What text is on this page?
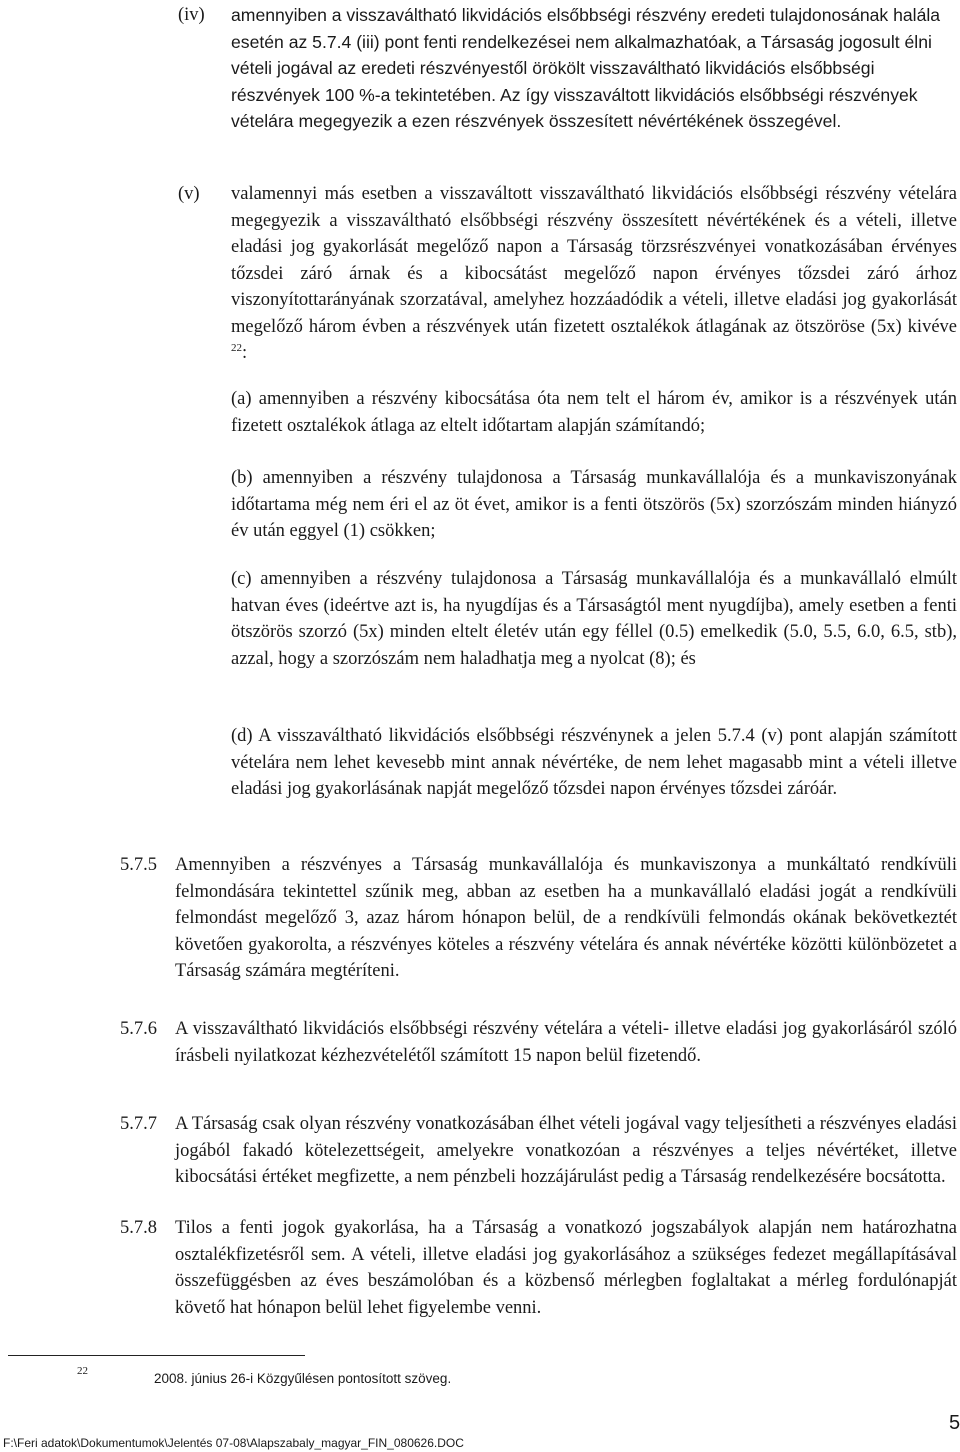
(iv) amennyiben a visszaváltható likvidációs elsőbbségi részvény eredeti tulajdonosának halála esetén az 5.7.4 (iii) pont fenti rendelkezései nem alkalmazhatóak, a Társaság jogosult élni vételi jogával az eredeti részvényestől örökölt visszaváltható likvidációs elsőbbségi részvények 100 %-a tekintetében.

Az így visszaváltott likvidációs elsőbbségi részvények vételára megegyezik a ezen részvények összesített névértékének összegével.

(v) valamennyi más esetben a visszaváltott visszaváltható likvidációs elsőbbségi részvény vételára megegyezik a visszaváltható elsőbbségi részvény összesített névértékének és a vételi, illetve eladási jog gyakorlását megelőző napon a Társaság törzsrészvényei vonatkozásában érvényes tőzsdei záró árnak és a kibocsátást megelőző napon érvényes tőzsdei záró árhoz viszonyítottarányának szorzatával, amelyhez hozzáadódik a vételi, illetve eladási jog gyakorlását megelőző három évben a részvények után fizetett osztalékok átlagának az ötszöröse (5x) kivéve $^{22}$:

(a) amennyiben a részvény kibocsátása óta nem telt el három év, amikor is a részvények után fizetett osztalékok átlaga az eltelt időtartam alapján számítandó;

(b) amennyiben a részvény tulajdonosa a Társaság munkavállalója és a munkaviszonyának időtartama még nem éri el az öt évet, amikor is a fenti ötszörös (5x) szorzószám minden hiányzó év után eggyel (1) csökken;

(c) amennyiben a részvény tulajdonosa a Társaság munkavállalója és a munkavállaló elmúlt hatvan éves (ideértve azt is, ha nyugdíjas és a Társaságtól ment nyugdíjba), amely esetben a fenti ötszörös szorzó (5x) minden eltelt életév után egy féllel (0.5) emelkedik (5.0, 5.5, 6.0, 6.5, stb), azzal, hogy a szorzószám nem haladhatja meg a nyolcat (8); és

(d) A visszaváltható likvidációs elsőbbségi részvénynek a jelen 5.7.4 (v) pont alapján számított vételára nem lehet kevesebb mint annak névértéke, de nem lehet magasabb mint a vételi illetve eladási jog gyakorlásának napját megelőző tőzsdei napon érvényes tőzsdei záróár.

5.7.5 Amennyiben a részvényes a Társaság munkavállalója és munkaviszonya a munkáltató rendkívüli felmondására tekintettel szűnik meg, abban az esetben ha a munkavállaló eladási jogát a rendkívüli felmondást megelőző 3, azaz három hónapon belül, de a rendkívüli felmondás okának bekövetkeztét követően gyakorolta, a részvényes köteles a részvény vételára és annak névértéke közötti különbözetet a Társaság számára megtéríteni.

5.7.6 A visszaváltható likvidációs elsőbbségi részvény vételára a vételi- illetve eladási jog gyakorlásáról szóló írásbeli nyilatkozat kézhezvételétől számított 15 napon belül fizetendő.

5.7.7 A Társaság csak olyan részvény vonatkozásában élhet vételi jogával vagy teljesítheti a részvényes eladási jogából fakadó kötelezettségeit, amelyekre vonatkozóan a részvényes a teljes névértéket, illetve kibocsátási értéket megfizette, a nem pénzbeli hozzájárulást pedig a Társaság rendelkezésére bocsátotta.

5.7.8 Tilos a fenti jogok gyakorlása, ha a Társaság a vonatkozó jogszabályok alapján nem határozhatna osztalékfizetésről sem. A vételi, illetve eladási jog gyakorlásához a szükséges fedezet megállapításával összefüggésben az éves beszámolóban és a közbenső mérlegben foglaltakat a mérleg fordulónapját követő hat hónapon belül lehet figyelembe venni.

22	2008. június 26-i Közgyűlésen pontosított szöveg.
5
F:\Feri adatok\Dokumentumok\Jelentés 07-08\Alapszabaly_magyar_FIN_080626.DOC
